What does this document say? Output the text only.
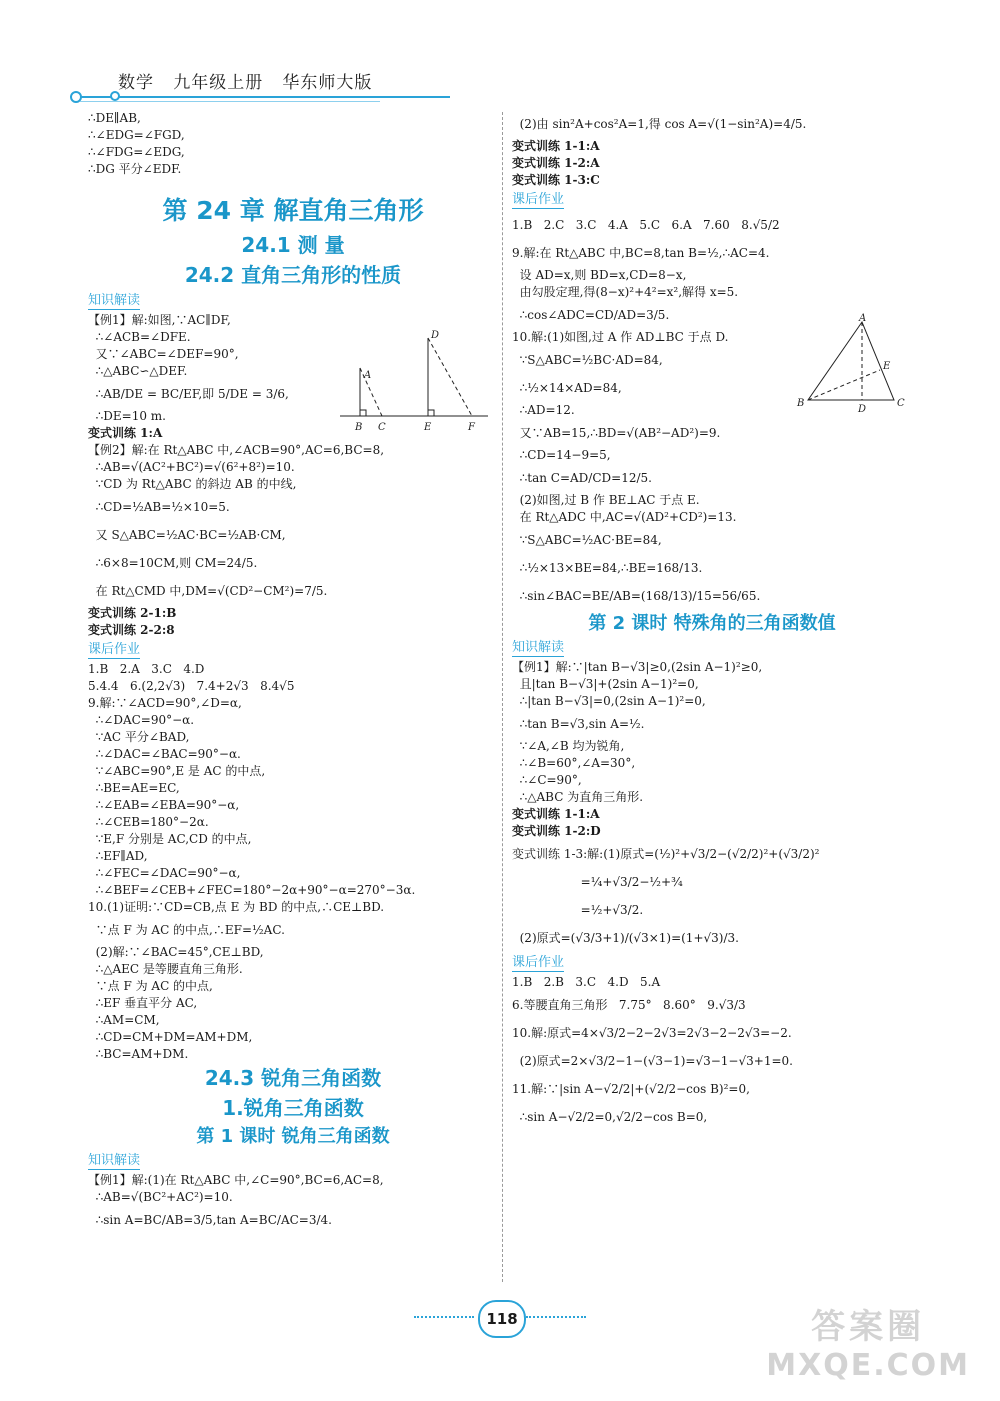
数学   九年级上册   华东师大版
∴DE∥AB,
∴∠EDG=∠FGD,
∴∠FDG=∠EDG,
∴DG 平分∠EDF.
第 24 章 解直角三角形
24.1 测 量
24.2 直角三角形的性质
知识解读
【例1】解:如图,∵AC∥DF,
∴∠ACB=∠DFE.
又∵∠ABC=∠DEF=90°,
∴△ABC∽△DEF.
∴AB/DE = BC/EF,即 5/DE = 3/6,
∴DE=10 m.
变式训练 1:A
【例2】解:在 Rt△ABC 中,∠ACB=90°,AC=6,BC=8,
∴AB=√(AC²+BC²)=√(6²+8²)=10.
∵CD 为 Rt△ABC 的斜边 AB 的中线,
∴CD=½AB=½×10=5.
又 S△ABC=½AC·BC=½AB·CM,
∴6×8=10CM,则 CM=24/5.
在 Rt△CMD 中,DM=√(CD²−CM²)=7/5.
变式训练 2-1:B
变式训练 2-2:8
课后作业
1.B   2.A   3.C   4.D
5.4.4   6.(2,2√3)   7.4+2√3   8.4√5
9.解:∵∠ACD=90°,∠D=α,
∴∠DAC=90°−α.
∵AC 平分∠BAD,
∴∠DAC=∠BAC=90°−α.
∵∠ABC=90°,E 是 AC 的中点,
∴BE=AE=EC,
∴∠EAB=∠EBA=90°−α,
∴∠CEB=180°−2α.
∵E,F 分别是 AC,CD 的中点,
∴EF∥AD,
∴∠FEC=∠DAC=90°−α,
∴∠BEF=∠CEB+∠FEC=180°−2α+90°−α=270°−3α.
10.(1)证明:∵CD=CB,点 E 为 BD 的中点,∴CE⊥BD.
∵点 F 为 AC 的中点,∴EF=½AC.
(2)解:∵∠BAC=45°,CE⊥BD,
∴△AEC 是等腰直角三角形.
∵点 F 为 AC 的中点,
∴EF 垂直平分 AC,
∴AM=CM,
∴CD=CM+DM=AM+DM,
∴BC=AM+DM.
24.3 锐角三角函数
1.锐角三角函数
第 1 课时 锐角三角函数
知识解读
【例1】解:(1)在 Rt△ABC 中,∠C=90°,BC=6,AC=8,
∴AB=√(BC²+AC²)=10.
∴sin A=BC/AB=3/5,tan A=BC/AC=3/4.
(2)由 sin²A+cos²A=1,得 cos A=√(1−sin²A)=4/5.
变式训练 1-1:A
变式训练 1-2:A
变式训练 1-3:C
课后作业
1.B   2.C   3.C   4.A   5.C   6.A   7.60   8.√5/2
9.解:在 Rt△ABC 中,BC=8,tan B=½,∴AC=4.
设 AD=x,则 BD=x,CD=8−x,
由勾股定理,得(8−x)²+4²=x²,解得 x=5.
∴cos∠ADC=CD/AD=3/5.
10.解:(1)如图,过 A 作 AD⊥BC 于点 D.
∵S△ABC=½BC·AD=84,
∴½×14×AD=84,
∴AD=12.
又∵AB=15,∴BD=√(AB²−AD²)=9.
∴CD=14−9=5,
∴tan C=AD/CD=12/5.
(2)如图,过 B 作 BE⊥AC 于点 E.
在 Rt△ADC 中,AC=√(AD²+CD²)=13.
∵S△ABC=½AC·BE=84,
∴½×13×BE=84,∴BE=168/13.
∴sin∠BAC=BE/AB=(168/13)/15=56/65.
第 2 课时 特殊角的三角函数值
知识解读
【例1】解:∵|tan B−√3|≥0,(2sin A−1)²≥0,
且|tan B−√3|+(2sin A−1)²=0,
∴|tan B−√3|=0,(2sin A−1)²=0,
∴tan B=√3,sin A=½.
∵∠A,∠B 均为锐角,
∴∠B=60°,∠A=30°,
∴∠C=90°,
∴△ABC 为直角三角形.
变式训练 1-1:A
变式训练 1-2:D
变式训练 1-3:解:(1)原式=(½)²+√3/2−(√2/2)²+(√3/2)²
=¼+√3/2−½+¾
=½+√3/2.
(2)原式=(√3/3+1)/(√3×1)=(1+√3)/3.
课后作业
1.B   2.B   3.C   4.D   5.A
6.等腰直角三角形   7.75°   8.60°   9.√3/3
10.解:原式=4×√3/2−2−2√3=2√3−2−2√3=−2.
(2)原式=2×√3/2−1−(√3−1)=√3−1−√3+1=0.
11.解:∵|sin A−√2/2|+(√2/2−cos B)²=0,
∴sin A−√2/2=0,√2/2−cos B=0,
A
B C
D
E	F
A
B	C
D
E
118	答案圈
MXQE.COM
